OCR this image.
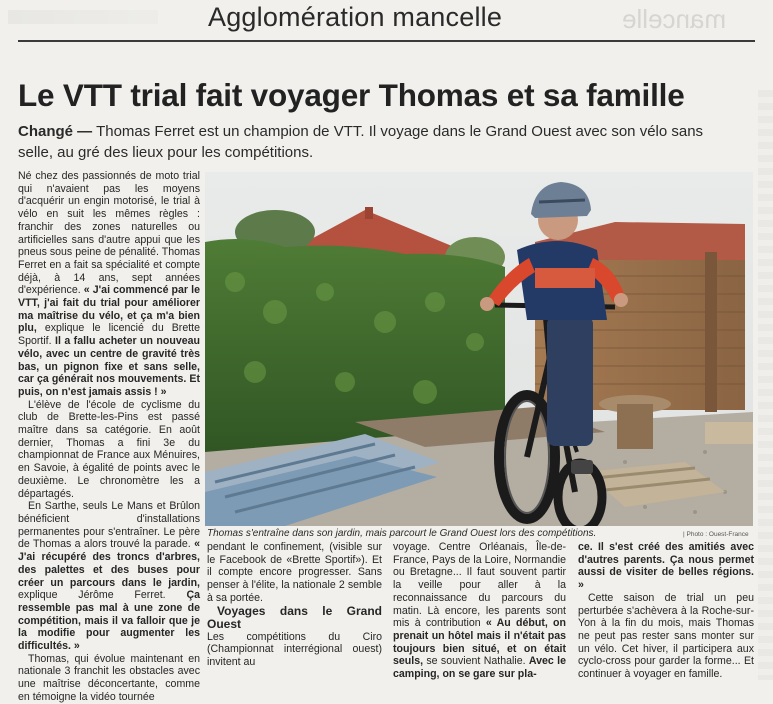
Agglomération mancelle	mancelle
Le VTT trial fait voyager Thomas et sa famille
Changé — Thomas Ferret est un champion de VTT. Il voyage dans le Grand Ouest avec son vélo sans selle, au gré des lieux pour les compétitions.

Né chez des passionnés de moto trial qui n'avaient pas les moyens d'acquérir un engin motorisé, le trial à vélo en suit les mêmes règles : franchir des zones naturelles ou artificielles sans d'autre appui que les pneus sous peine de pénalité. Thomas Ferret en a fait sa spécialité et compte déjà, à 14 ans, sept années d'expérience. « J'ai commencé par le VTT, j'ai fait du trial pour améliorer ma maîtrise du vélo, et ça m'a bien plu, explique le licencié du Brette Sportif. Il a fallu acheter un nouveau vélo, avec un centre de gravité très bas, un pignon fixe et sans selle, car ça générait nos mouvements. Et puis, on n'est jamais assis ! »

L'élève de l'école de cyclisme du club de Brette-les-Pins est passé maître dans sa catégorie. En août dernier, Thomas a fini 3e du championnat de France aux Ménuires, en Savoie, à égalité de points avec le deuxième. Le chronomètre les a départagés.

En Sarthe, seuls Le Mans et Brûlon bénéficient d'installations permanentes pour s'entraîner. Le père de Thomas a alors trouvé la parade. « J'ai récupéré des troncs d'arbres, des palettes et des buses pour créer un parcours dans le jardin, explique Jérôme Ferret. Ça ressemble pas mal à une zone de compétition, mais il va falloir que je la modifie pour augmenter les difficultés. »

Thomas, qui évolue maintenant en nationale 3 franchit les obstacles avec une maîtrise déconcertante, comme en témoigne la vidéo tournée

Thomas s'entraîne dans son jardin, mais parcourt le Grand Ouest lors des compétitions.	| Photo : Ouest-France

pendant le confinement, (visible sur le Facebook de «Brette Sportif»). Et il compte encore progresser. Sans penser à l'élite, la nationale 2 semble à sa portée.

Voyages dans le Grand Ouest

Les compétitions du Ciro (Championnat interrégional ouest) invitent au

voyage. Centre Orléanais, Île-de-France, Pays de la Loire, Normandie ou Bretagne... Il faut souvent partir la veille pour aller à la reconnaissance du parcours du matin. Là encore, les parents sont mis à contribution « Au début, on prenait un hôtel mais il n'était pas toujours bien situé, et on était seuls, se souvient Nathalie. Avec le camping, on se gare sur pla-

ce. Il s'est créé des amitiés avec d'autres parents. Ça nous permet aussi de visiter de belles régions. »

Cette saison de trial un peu perturbée s'achèvera à la Roche-sur-Yon à la fin du mois, mais Thomas ne peut pas rester sans monter sur un vélo. Cet hiver, il participera aux cyclo-cross pour garder la forme... Et continuer à voyager en famille.
